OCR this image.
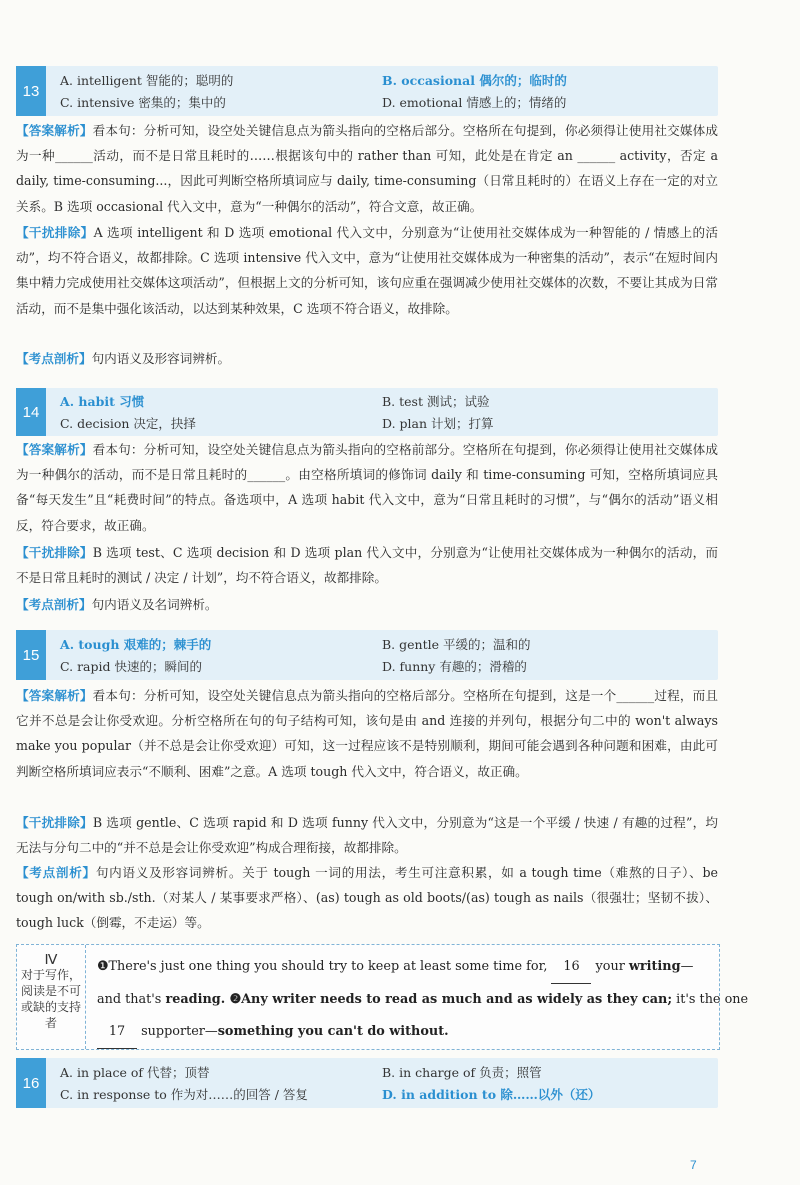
13
A. intelligent 智能的；聪明的	B. occasional 偶尔的；临时的
C. intensive 密集的；集中的	D. emotional 情感上的；情绪的
【答案解析】看本句：分析可知，设空处关键信息点为箭头指向的空格后部分。空格所在句提到，你必须得让使用社交媒体成为一种______活动，而不是日常且耗时的……根据该句中的 rather than 可知，此处是在肯定 an ______ activity，否定 a daily, time-consuming...，因此可判断空格所填词应与 daily, time-consuming（日常且耗时的）在语义上存在一定的对立关系。B 选项 occasional 代入文中，意为“一种偶尔的活动”，符合文意，故正确。
【干扰排除】A 选项 intelligent 和 D 选项 emotional 代入文中，分别意为“让使用社交媒体成为一种智能的 / 情感上的活动”，均不符合语义，故都排除。C 选项 intensive 代入文中，意为“让使用社交媒体成为一种密集的活动”，表示“在短时间内集中精力完成使用社交媒体这项活动”，但根据上文的分析可知，该句应重在强调减少使用社交媒体的次数，不要让其成为日常活动，而不是集中强化该活动，以达到某种效果，C 选项不符合语义，故排除。
【考点剖析】句内语义及形容词辨析。
14
A. habit 习惯	B. test 测试；试验
C. decision 决定，抉择	D. plan 计划；打算
【答案解析】看本句：分析可知，设空处关键信息点为箭头指向的空格前部分。空格所在句提到，你必须得让使用社交媒体成为一种偶尔的活动，而不是日常且耗时的______。由空格所填词的修饰词 daily 和 time-consuming 可知，空格所填词应具备“每天发生”且“耗费时间”的特点。备选项中，A 选项 habit 代入文中，意为“日常且耗时的习惯”，与“偶尔的活动”语义相反，符合要求，故正确。
【干扰排除】B 选项 test、C 选项 decision 和 D 选项 plan 代入文中，分别意为“让使用社交媒体成为一种偶尔的活动，而不是日常且耗时的测试 / 决定 / 计划”，均不符合语义，故都排除。
【考点剖析】句内语义及名词辨析。
15
A. tough 艰难的；棘手的	B. gentle 平缓的；温和的
C. rapid 快速的；瞬间的	D. funny 有趣的；滑稽的
【答案解析】看本句：分析可知，设空处关键信息点为箭头指向的空格后部分。空格所在句提到，这是一个______过程，而且它并不总是会让你受欢迎。分析空格所在句的句子结构可知，该句是由 and 连接的并列句，根据分句二中的 won't always make you popular（并不总是会让你受欢迎）可知，这一过程应该不是特别顺利，期间可能会遇到各种问题和困难，由此可判断空格所填词应表示“不顺利、困难”之意。A 选项 tough 代入文中，符合语义，故正确。
【干扰排除】B 选项 gentle、C 选项 rapid 和 D 选项 funny 代入文中，分别意为“这是一个平缓 / 快速 / 有趣的过程”，均无法与分句二中的“并不总是会让你受欢迎”构成合理衔接，故都排除。
【考点剖析】句内语义及形容词辨析。关于 tough 一词的用法，考生可注意积累，如 a tough time（难熬的日子）、be tough on/with sb./sth.（对某人 / 某事要求严格）、(as) tough as old boots/(as) tough as nails（很强壮；坚韧不拔）、tough luck（倒霉，不走运）等。
Ⅳ
对于写作，阅读是不可或缺的支持者
❶There's just one thing you should try to keep at least some time for, 16 your writing—
and that's reading. ❷Any writer needs to read as much and as widely as they can; it's the one
17 supporter—something you can't do without.
16
A. in place of 代替；顶替	B. in charge of 负责；照管
C. in response to 作为对……的回答 / 答复	D. in addition to 除……以外（还）
7
